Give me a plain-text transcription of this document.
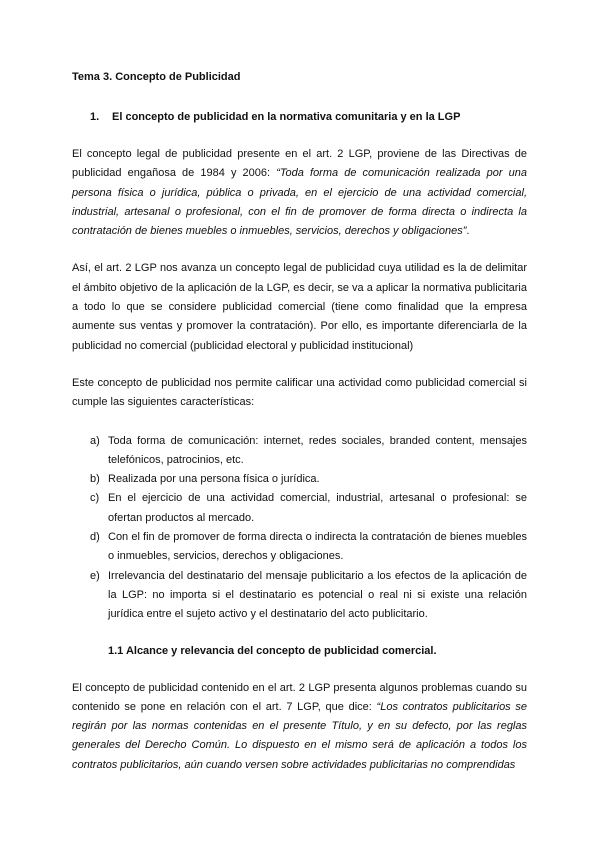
Tema 3. Concepto de Publicidad

1.	El concepto de publicidad en la normativa comunitaria y en la LGP

El concepto legal de publicidad presente en el art. 2 LGP, proviene de las Directivas de publicidad engañosa de 1984 y 2006: “Toda forma de comunicación realizada por una persona física o jurídica, pública o privada, en el ejercicio de una actividad comercial, industrial, artesanal o profesional, con el fin de promover de forma directa o indirecta la contratación de bienes muebles o inmuebles, servicios, derechos y obligaciones”.

Así, el art. 2 LGP nos avanza un concepto legal de publicidad cuya utilidad es la de delimitar el ámbito objetivo de la aplicación de la LGP, es decir, se va a aplicar la normativa publicitaria a todo lo que se considere publicidad comercial (tiene como finalidad que la empresa aumente sus ventas y promover la contratación). Por ello, es importante diferenciarla de la publicidad no comercial (publicidad electoral y publicidad institucional)

Este concepto de publicidad nos permite calificar una actividad como publicidad comercial si cumple las siguientes características:

a) Toda forma de comunicación: internet, redes sociales, branded content, mensajes telefónicos, patrocinios, etc.
b) Realizada por una persona física o jurídica.
c) En el ejercicio de una actividad comercial, industrial, artesanal o profesional: se ofertan productos al mercado.
d) Con el fin de promover de forma directa o indirecta la contratación de bienes muebles o inmuebles, servicios, derechos y obligaciones.
e) Irrelevancia del destinatario del mensaje publicitario a los efectos de la aplicación de la LGP: no importa si el destinatario es potencial o real ni si existe una relación jurídica entre el sujeto activo y el destinatario del acto publicitario.

1.1 Alcance y relevancia del concepto de publicidad comercial.

El concepto de publicidad contenido en el art. 2 LGP presenta algunos problemas cuando su contenido se pone en relación con el art. 7 LGP, que dice: “Los contratos publicitarios se regirán por las normas contenidas en el presente Título, y en su defecto, por las reglas generales del Derecho Común. Lo dispuesto en el mismo será de aplicación a todos los contratos publicitarios, aún cuando versen sobre actividades publicitarias no comprendidas
